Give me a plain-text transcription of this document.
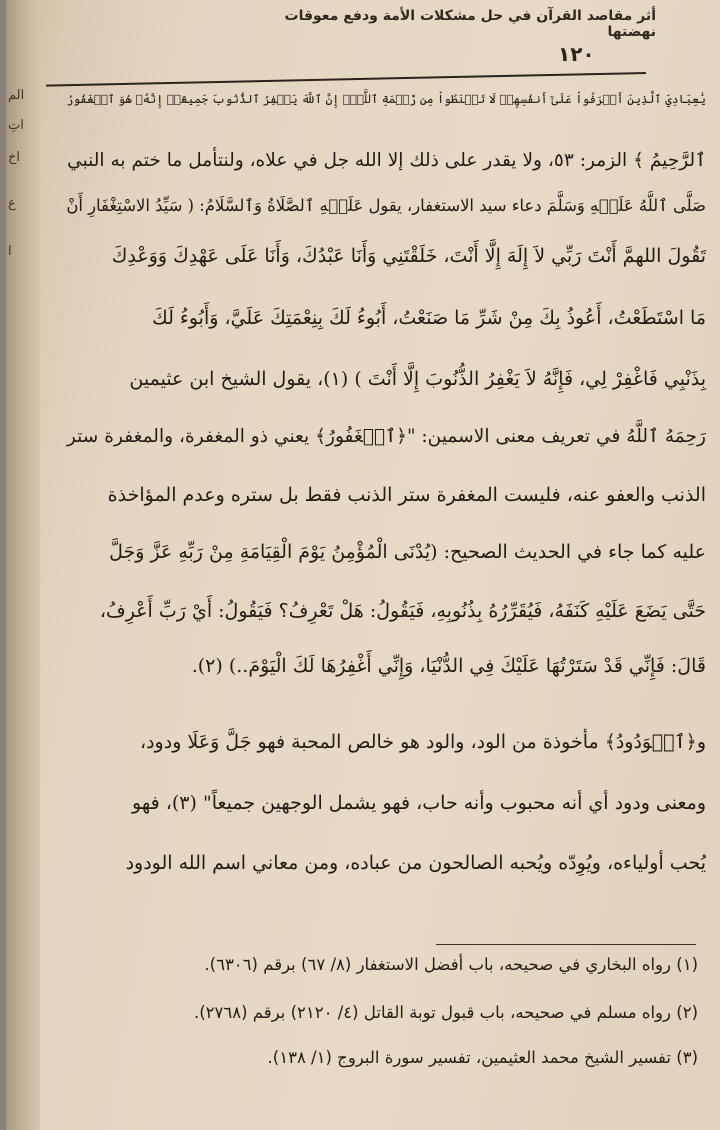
الم
اتِ
اخ
ع
ا
أثر مقاصد القرآن في حل مشكلات الأمة ودفع معوقات نهضتها
١٢٠
يَٰعِبَادِيَ ٱلَّذِينَ أَسۡرَفُواْ عَلَىٰٓ أَنفُسِهِمۡ لَا تَقۡنَطُواْ مِن رَّحۡمَةِ ٱللَّهِۚ إِنَّ ٱللَّهَ يَغۡفِرُ ٱلذُّنُوبَ جَمِيعًاۚ إِنَّهُۥ هُوَ ٱلۡغَفُورُ
ٱلرَّحِيمُ ﴾ الزمر: ٥٣، ولا يقدر على ذلك إلا الله جل في علاه، ولنتأمل ما ختم به النبي
صَلَّى ٱللَّهُ عَلَيۡهِ وَسَلَّمَ دعاء سيد الاستغفار، يقول عَلَيۡهِ ٱلصَّلَاةُ وَٱلسَّلَامُ: ( سَيِّدُ الاسْتِغْفَارِ أَنْ
تَقُولَ اللهمَّ أَنْتَ رَبِّي لاَ إِلَهَ إِلَّا أَنْتَ، خَلَقْتَنِي وَأَنَا عَبْدُكَ، وَأَنَا عَلَى عَهْدِكَ وَوَعْدِكَ
مَا اسْتَطَعْتُ، أَعُوذُ بِكَ مِنْ شَرِّ مَا صَنَعْتُ، أَبُوءُ لَكَ بِنِعْمَتِكَ عَلَيَّ، وَأَبُوءُ لَكَ
بِذَنْبِي فَاغْفِرْ لِي، فَإِنَّهُ لاَ يَغْفِرُ الذُّنُوبَ إِلَّا أَنْتَ ) (١)، يقول الشيخ ابن عثيمين
رَحِمَهُ ٱللَّهُ في تعريف معنى الاسمين: "﴿ٱلۡغَفُورُ﴾ يعني ذو المغفرة، والمغفرة ستر
الذنب والعفو عنه، فليست المغفرة ستر الذنب فقط بل ستره وعدم المؤاخذة
عليه كما جاء في الحديث الصحيح: (يُدْنَى الْمُؤْمِنُ يَوْمَ الْقِيَامَةِ مِنْ رَبِّهِ عَزَّ وَجَلَّ
حَتَّى يَضَعَ عَلَيْهِ كَنَفَهُ، فَيُقَرِّرُهُ بِذُنُوبِهِ، فَيَقُولُ: هَلْ تَعْرِفُ؟ فَيَقُولُ: أَيْ رَبِّ أَعْرِفُ،
قَالَ: فَإِنِّي قَدْ سَتَرْتُهَا عَلَيْكَ فِي الدُّنْيَا، وَإِنِّي أَغْفِرُهَا لَكَ الْيَوْمَ..) (٢).
و﴿ٱلۡوَدُودُ﴾ مأخوذة من الود، والود هو خالص المحبة فهو جَلَّ وَعَلَا ودود،
ومعنى ودود أي أنه محبوب وأنه حاب، فهو يشمل الوجهين جميعاً" (٣)، فهو
يُحب أولياءه، ويُوِدّه ويُحبه الصالحون من عباده، ومن معاني اسم الله الودود
(١) رواه البخاري في صحيحه، باب أفضل الاستغفار (٨/ ٦٧) برقم (٦٣٠٦).
(٢) رواه مسلم في صحيحه، باب قبول توبة القاتل (٤/ ٢١٢٠) برقم (٢٧٦٨).
(٣) تفسير الشيخ محمد العثيمين، تفسير سورة البروج (١/ ١٣٨).
